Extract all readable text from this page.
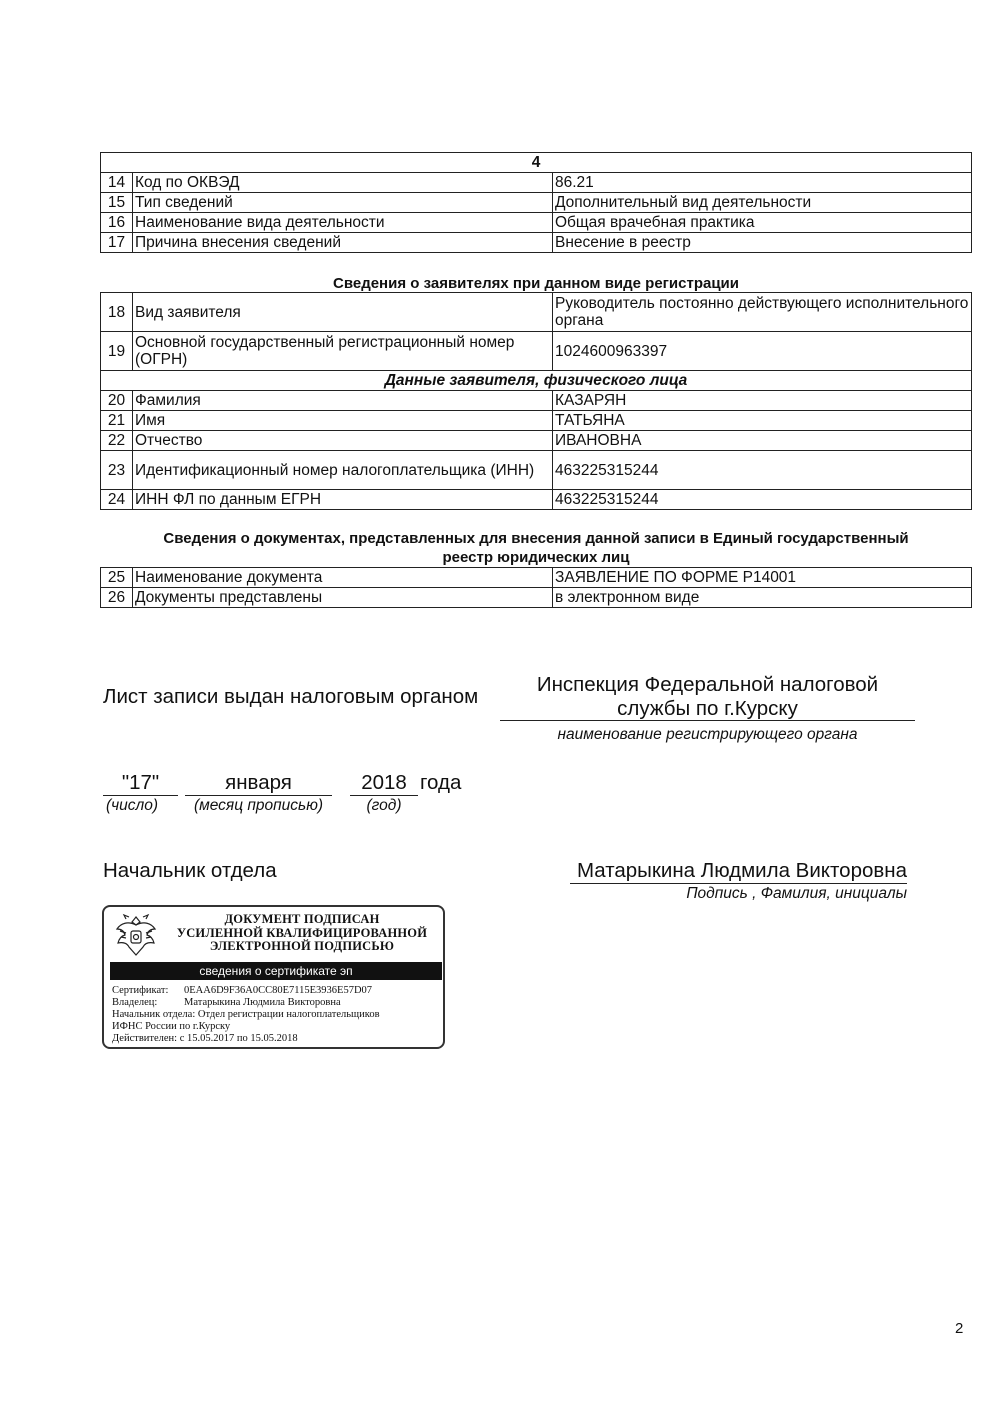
4		
14	Код по ОКВЭД	86.21
15	Тип сведений	Дополнительный вид деятельности
16	Наименование вида деятельности	Общая врачебная практика
17	Причина внесения сведений	Внесение в реестр
Сведения о заявителях при данном виде регистрации
18	Вид заявителя	Руководитель постоянно действующего исполнительного органа
19	Основной государственный регистрационный номер (ОГРН)	1024600963397
Данные заявителя, физического лица		
20	Фамилия	КАЗАРЯН
21	Имя	ТАТЬЯНА
22	Отчество	ИВАНОВНА
23	Идентификационный номер налогоплательщика (ИНН)	463225315244
24	ИНН ФЛ по данным ЕГРН	463225315244
Сведения о документах, представленных для внесения данной записи в Единый государственный
реестр юридических лиц
25	Наименование документа	ЗАЯВЛЕНИЕ ПО ФОРМЕ Р14001
26	Документы представлены	в электронном виде
Лист записи выдан налоговым органом
Инспекция Федеральной налоговой
службы по г.Курску
наименование регистрирующего органа
"17"
(число)
января
(месяц прописью)
2018 года
(год)
Начальник отдела	Матарыкина Людмила Викторовна
Подпись , Фамилия, инициалы
ДОКУМЕНТ ПОДПИСАН
УСИЛЕННОЙ КВАЛИФИЦИРОВАННОЙ
ЭЛЕКТРОННОЙ ПОДПИСЬЮ
сведения о сертификате эп
Сертификат: 0EAA6D9F36A0CC80E7115E3936E57D07
Владелец:	Матарыкина Людмила Викторовна
Начальник отдела: Отдел регистрации налогоплательщиков
ИФНС России по г.Курску
Действителен: с 15.05.2017 по 15.05.2018
2
